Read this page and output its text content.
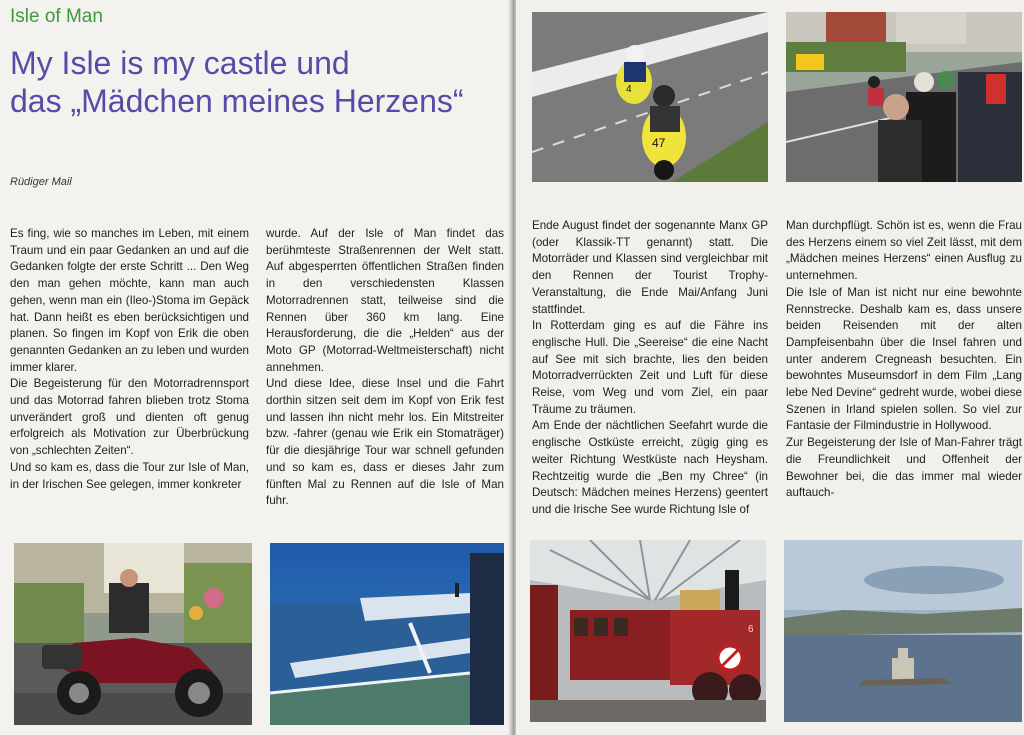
. . . . . . . . . . . . . . . . . . . . . .
Isle of Man
My Isle is my castle und
das „Mädchen meines Herzens“
Rüdiger Mail

Es fing, wie so manches im Leben, mit einem Traum und ein paar Gedanken an und auf die Gedanken folgte der erste Schritt ... Den Weg den man gehen möchte, kann man auch gehen, wenn man ein (Ileo-)Stoma im Gepäck hat. Dann heißt es eben berücksichtigen und planen. So fingen im Kopf von Erik die oben genannten Gedanken an zu leben und wurden immer klarer.

Die Begeisterung für den Motorradrennsport und das Motorrad fahren blieben trotz Stoma unverändert groß und dienten oft genug erfolgreich als Motivation zur Überbrückung von „schlechten Zeiten“.

Und so kam es, dass die Tour zur Isle of Man, in der Irischen See gelegen, immer konkreter

wurde. Auf der Isle of Man findet das berühmteste Straßenrennen der Welt statt. Auf abgesperrten öffentlichen Straßen finden in den verschiedensten Klassen Motorradrennen statt, teilweise sind die Rennen über 360 km lang. Eine Herausforderung, die die „Helden“ aus der Moto GP (Motorrad-Weltmeisterschaft) nicht annehmen.

Und diese Idee, diese Insel und die Fahrt dorthin sitzen seit dem im Kopf von Erik fest und lassen ihn nicht mehr los. Ein Mitstreiter bzw. -fahrer (genau wie Erik ein Stomaträger) für die diesjährige Tour war schnell gefunden und so kam es, dass er dieses Jahr zum fünften Mal zu Rennen auf die Isle of Man fuhr.

4
47

Ende August findet der sogenannte Manx GP (oder Klassik-TT genannt) statt. Die Motorräder und Klassen sind vergleichbar mit den Rennen der Tourist Trophy-Veranstaltung, die Ende Mai/Anfang Juni stattfindet.

In Rotterdam ging es auf die Fähre ins englische Hull. Die „Seereise“ die eine Nacht auf See mit sich brachte, lies den beiden Motorradverrückten Zeit und Luft für diese Reise, vom Weg und vom Ziel, ein paar Träume zu träumen.

Am Ende der nächtlichen Seefahrt wurde die englische Ostküste erreicht, zügig ging es weiter Richtung Westküste nach Heysham. Rechtzeitig wurde die „Ben my Chree“ (in Deutsch: Mädchen meines Herzens) geentert und die Irische See wurde Richtung Isle of

Man durchpflügt. Schön ist es, wenn die Frau des Herzens einem so viel Zeit lässt, mit dem „Mädchen meines Herzens“ einen Ausflug zu unternehmen.

Die Isle of Man ist nicht nur eine bewohnte Rennstrecke. Deshalb kam es, dass unsere beiden Reisenden mit der alten Dampfeisenbahn über die Insel fahren und unter anderem Cregneash besuchten. Ein bewohntes Museumsdorf in dem Film „Lang lebe Ned Devine“ gedreht wurde, wobei diese Szenen in Irland spielen sollen. So viel zur Fantasie der Filmindustrie in Hollywood.

Zur Begeisterung der Isle of Man-Fahrer trägt die Freundlichkeit und Offenheit der Bewohner bei, die das immer mal wieder auftauch-

6
